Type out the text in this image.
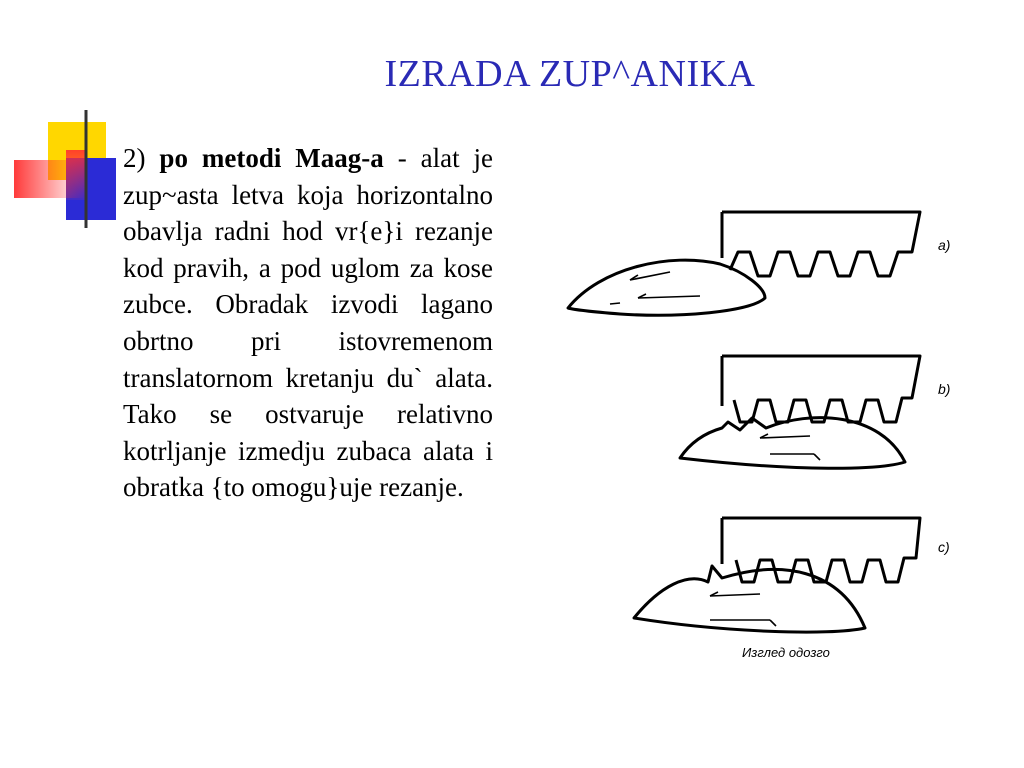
IZRADA ZUP^ANIKA

2) po metodi Maag-a - alat je zup~asta letva koja horizontalno obavlja radni hod vr{e}i rezanje kod pravih, a pod uglom za kose zubce. Obradak izvodi lagano obrtno pri istovremenom translatornom kretanju du` alata. Tako se ostvaruje relativno kotrljanje izmedju zubaca alata i obratka {to omogu}uje rezanje.

a)
b)
c)
Изглед одозго
